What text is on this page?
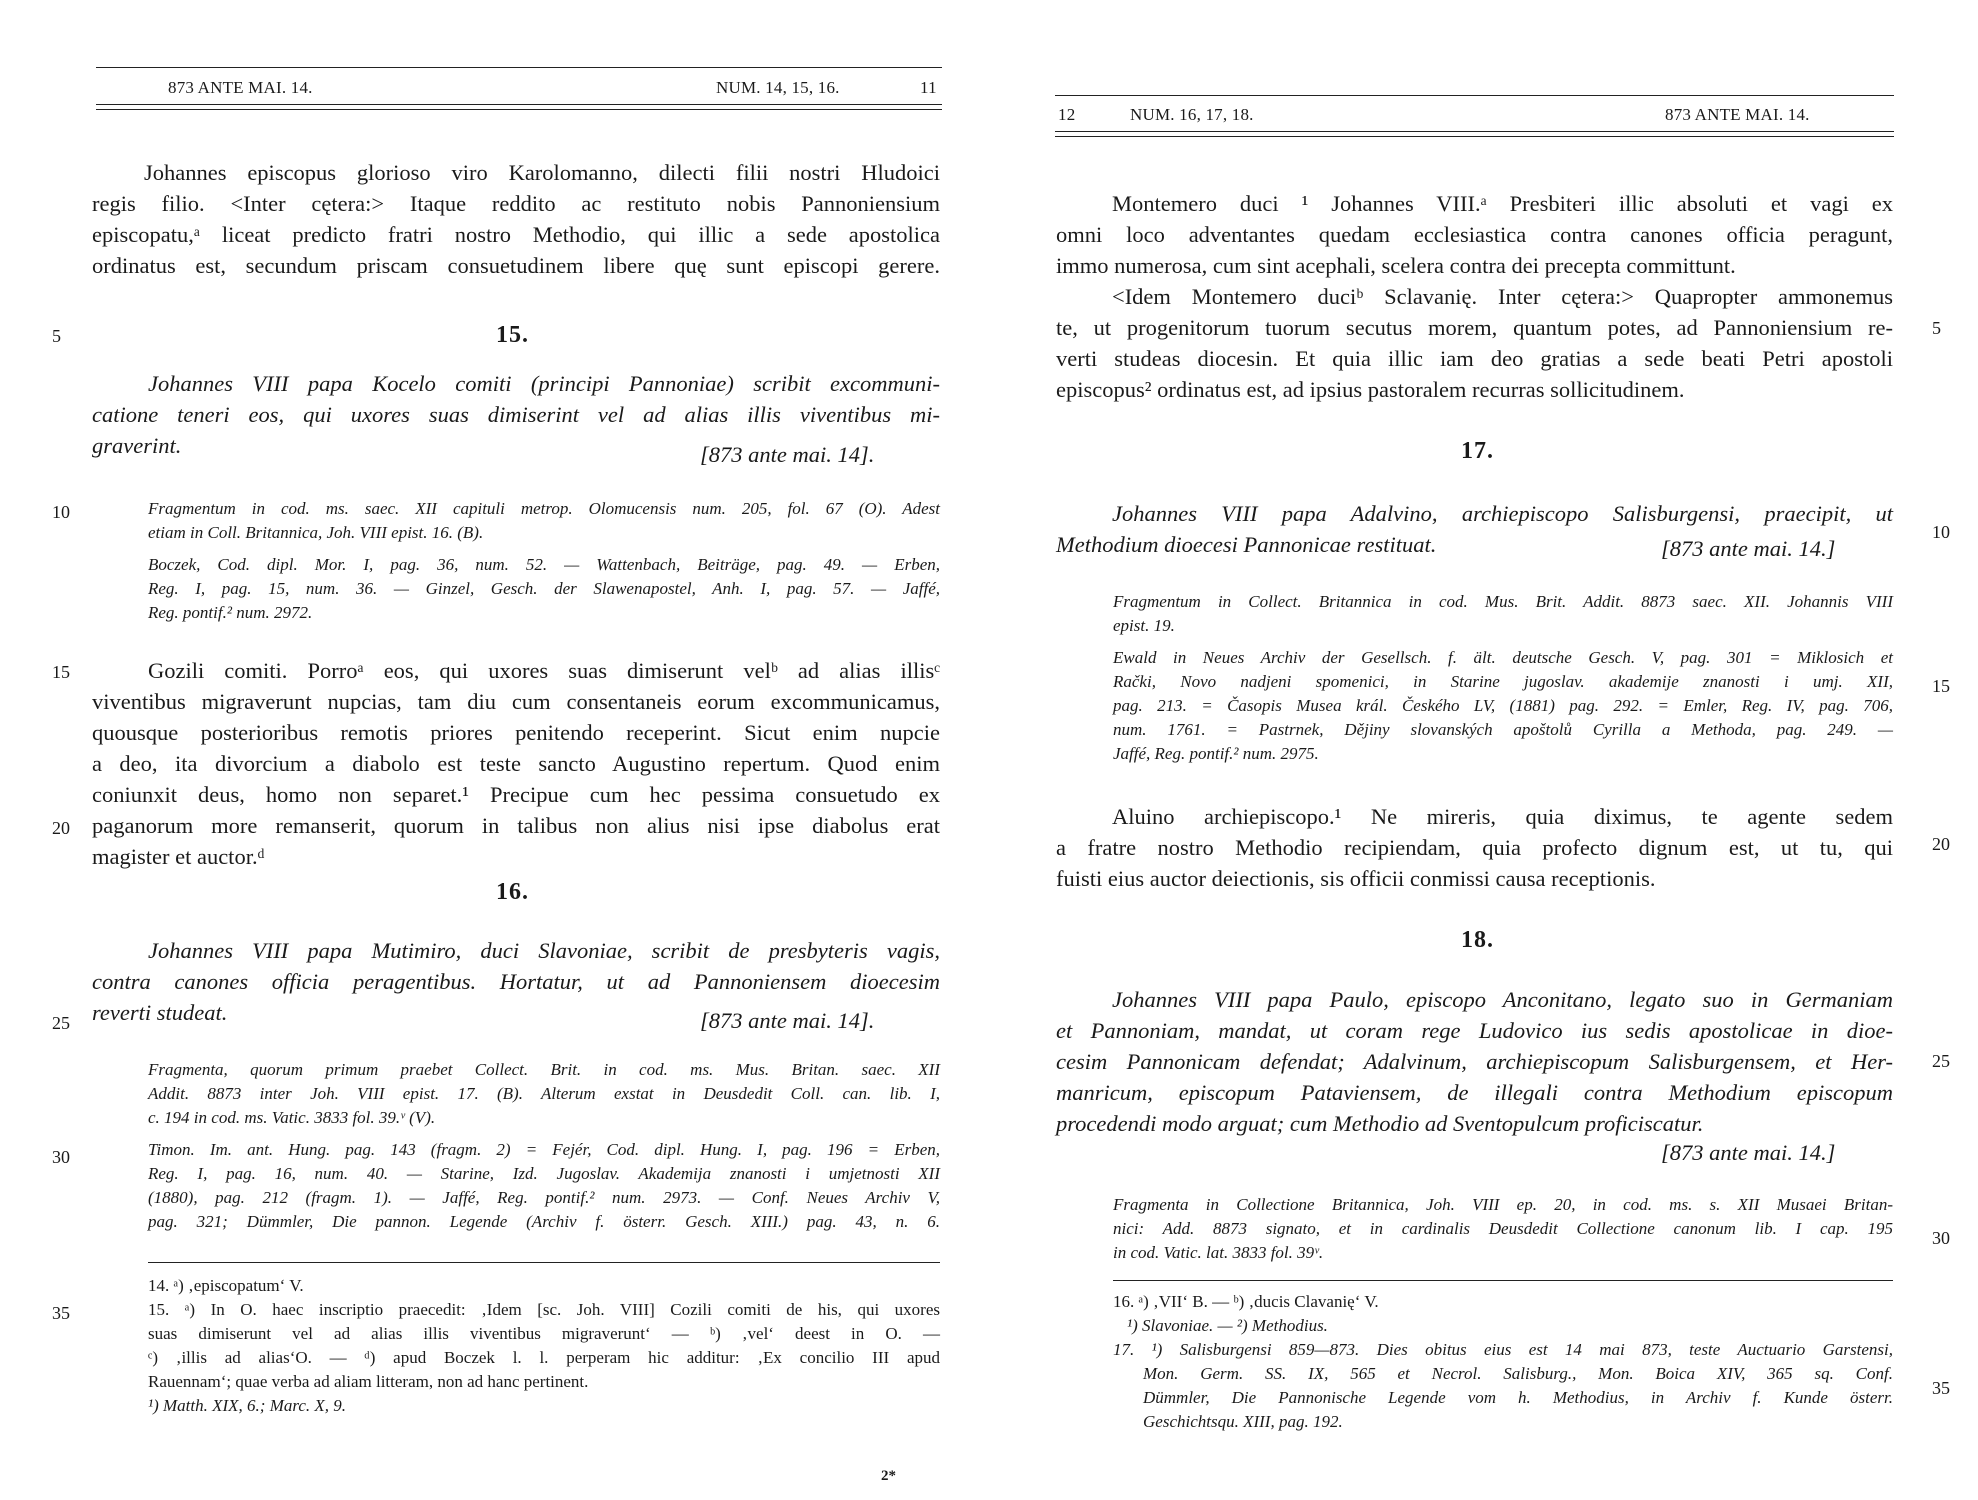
873 ANTE MAI. 14.	NUM. 14, 15, 16.	11

Johannes episcopus glorioso viro Karolomanno, dilecti filii nostri Hludoici

regis filio. <Inter cętera:> Itaque reddito ac restituto nobis Pannoniensium

episcopatu,ᵃ liceat predicto fratri nostro Methodio, qui illic a sede apostolica

ordinatus est, secundum priscam consuetudinem libere quę sunt episcopi gerere.

5
10
15
20
25
30
35
15.

Johannes VIII papa Kocelo comiti (principi Pannoniae) scribit excommuni-

catione teneri eos, qui uxores suas dimiserint vel ad alias illis viventibus mi-

graverint.	[873 ante mai. 14].

Fragmentum in cod. ms. saec. XII capituli metrop. Olomucensis num. 205, fol. 67 (O). Adest
etiam in Coll. Britannica, Joh. VIII epist. 16. (B).

Boczek, Cod. dipl. Mor. I, pag. 36, num. 52. — Wattenbach, Beiträge, pag. 49. — Erben,
Reg. I, pag. 15, num. 36. — Ginzel, Gesch. der Slawenapostel, Anh. I, pag. 57. — Jaffé,
Reg. pontif.² num. 2972.

Gozili comiti. Porroᵃ eos, qui uxores suas dimiserunt velᵇ ad alias illisᶜ

viventibus migraverunt nupcias, tam diu cum consentaneis eorum excommunicamus,

quousque posterioribus remotis priores penitendo receperint. Sicut enim nupcie

a deo, ita divorcium a diabolo est teste sancto Augustino repertum. Quod enim

coniunxit deus, homo non separet.¹ Precipue cum hec pessima consuetudo ex

paganorum more remanserit, quorum in talibus non alius nisi ipse diabolus erat

magister et auctor.ᵈ

16.

Johannes VIII papa Mutimiro, duci Slavoniae, scribit de presbyteris vagis,

contra canones officia peragentibus. Hortatur, ut ad Pannoniensem dioecesim

reverti studeat.	[873 ante mai. 14].

Fragmenta, quorum primum praebet Collect. Brit. in cod. ms. Mus. Britan. saec. XII
Addit. 8873 inter Joh. VIII epist. 17. (B). Alterum exstat in Deusdedit Coll. can. lib. I,
c. 194 in cod. ms. Vatic. 3833 fol. 39.ᵛ (V).

Timon. Im. ant. Hung. pag. 143 (fragm. 2) = Fejér, Cod. dipl. Hung. I, pag. 196 = Erben,
Reg. I, pag. 16, num. 40. — Starine, Izd. Jugoslav. Akademija znanosti i umjetnosti XII
(1880), pag. 212 (fragm. 1). — Jaffé, Reg. pontif.² num. 2973. — Conf. Neues Archiv V,
pag. 321; Dümmler, Die pannon. Legende (Archiv f. österr. Gesch. XIII.) pag. 43, n. 6.

14. ᵃ) ‚episcopatum‘ V.

15. ᵃ) In O. haec inscriptio praecedit: ‚Idem [sc. Joh. VIII] Cozili comiti de his, qui uxores

suas dimiserunt vel ad alias illis viventibus migraverunt‘ — ᵇ) ‚vel‘ deest in O. —

ᶜ) ‚illis ad alias‘O. — ᵈ) apud Boczek l. l. perperam hic additur: ‚Ex concilio III apud

Rauennam‘; quae verba ad aliam litteram, non ad hanc pertinent.

¹) Matth. XIX, 6.; Marc. X, 9.

2*
12	NUM. 16, 17, 18.	873 ANTE MAI. 14.

Montemero duci ¹ Johannes VIII.ᵃ Presbiteri illic absoluti et vagi ex

omni loco adventantes quedam ecclesiastica contra canones officia peragunt,

immo numerosa, cum sint acephali, scelera contra dei precepta committunt.

<Idem Montemero duciᵇ Sclavanię. Inter cętera:> Quapropter ammonemus

te, ut progenitorum tuorum secutus morem, quantum potes, ad Pannoniensium re-

verti studeas diocesin. Et quia illic iam deo gratias a sede beati Petri apostoli

episcopus² ordinatus est, ad ipsius pastoralem recurras sollicitudinem.

5
10
15
20
25
30
35
17.

Johannes VIII papa Adalvino, archiepiscopo Salisburgensi, praecipit, ut

Methodium dioecesi Pannonicae restituat.	[873 ante mai. 14.]

Fragmentum in Collect. Britannica in cod. Mus. Brit. Addit. 8873 saec. XII. Johannis VIII
epist. 19.

Ewald in Neues Archiv der Gesellsch. f. ält. deutsche Gesch. V, pag. 301 = Miklosich et
Rački, Novo nadjeni spomenici, in Starine jugoslav. akademije znanosti i umj. XII,
pag. 213. = Časopis Musea král. Českého LV, (1881) pag. 292. = Emler, Reg. IV, pag. 706,
num. 1761. = Pastrnek, Dějiny slovanských apoštolů Cyrilla a Methoda, pag. 249. —
Jaffé, Reg. pontif.² num. 2975.

Aluino archiepiscopo.¹ Ne mireris, quia diximus, te agente sedem

a fratre nostro Methodio recipiendam, quia profecto dignum est, ut tu, qui

fuisti eius auctor deiectionis, sis officii conmissi causa receptionis.

18.

Johannes VIII papa Paulo, episcopo Anconitano, legato suo in Germaniam

et Pannoniam, mandat, ut coram rege Ludovico ius sedis apostolicae in dioe-

cesim Pannonicam defendat; Adalvinum, archiepiscopum Salisburgensem, et Her-

manricum, episcopum Pataviensem, de illegali contra Methodium episcopum

procedendi modo arguat; cum Methodio ad Sventopulcum proficiscatur.

[873 ante mai. 14.]

Fragmenta in Collectione Britannica, Joh. VIII ep. 20, in cod. ms. s. XII Musaei Britan-
nici: Add. 8873 signato, et in cardinalis Deusdedit Collectione canonum lib. I cap. 195
in cod. Vatic. lat. 3833 fol. 39ᵛ.

16. ᵃ) ‚VII‘ B. — ᵇ) ‚ducis Clavanię‘ V.

¹) Slavoniae. — ²) Methodius.

17. ¹) Salisburgensi 859—873. Dies obitus eius est 14 mai 873, teste Auctuario Garstensi,

Mon. Germ. SS. IX, 565 et Necrol. Salisburg., Mon. Boica XIV, 365 sq. Conf.

Dümmler, Die Pannonische Legende vom h. Methodius, in Archiv f. Kunde österr.

Geschichtsqu. XIII, pag. 192.
